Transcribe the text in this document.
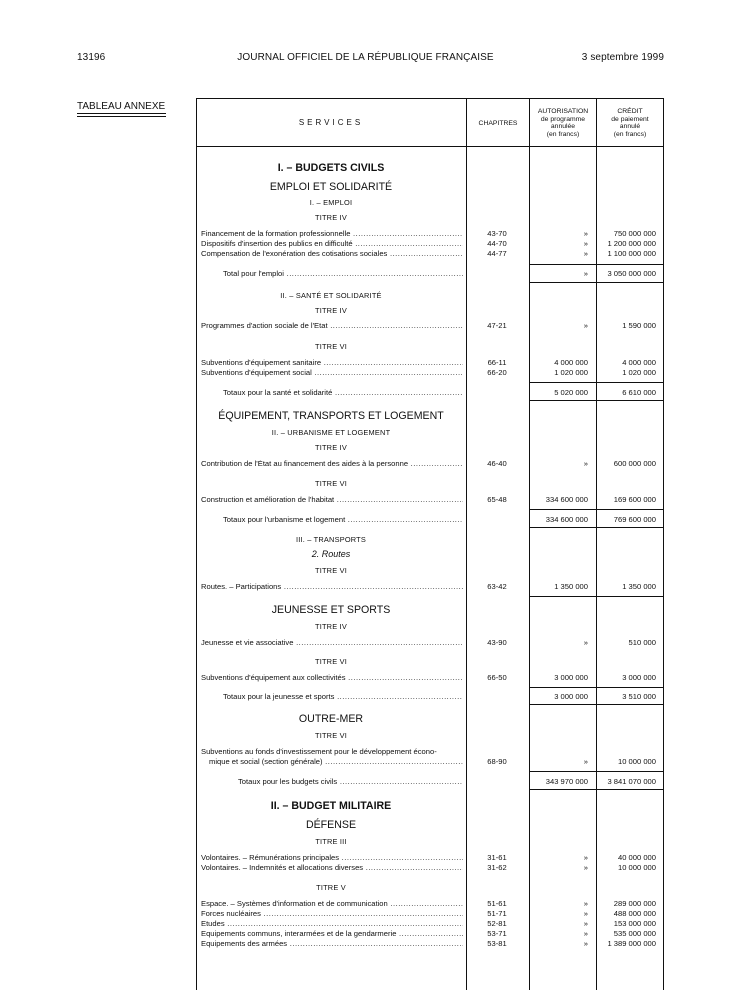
13196	JOURNAL OFFICIEL DE LA RÉPUBLIQUE FRANÇAISE	3 septembre 1999
TABLEAU ANNEXE
SERVICES	CHAPITRES
AUTORISATION
de programme
annulée
(en francs)
CRÉDIT
de paiement
annulé
(en francs)
I. – BUDGETS CIVILS
EMPLOI ET SOLIDARITÉ
I. – EMPLOI
TITRE IV
Financement de la formation professionnelle .....	43-70	»	750 000 000
Dispositifs d'insertion des publics en difficulté .....	44-70	»	1 200 000 000
Compensation de l'exonération des cotisations sociales .....	44-77	»	1 100 000 000
Total pour l'emploi .....	»	3 050 000 000
II. – SANTÉ ET SOLIDARITÉ
TITRE IV
Programmes d'action sociale de l'Etat .....	47-21	»	1 590 000
TITRE VI
Subventions d'équipement sanitaire .....	66-11	4 000 000	4 000 000
Subventions d'équipement social .....	66-20	1 020 000	1 020 000
Totaux pour la santé et solidarité .....	5 020 000	6 610 000
ÉQUIPEMENT, TRANSPORTS ET LOGEMENT
II. – URBANISME ET LOGEMENT
TITRE IV
Contribution de l'État au financement des aides à la personne .....	46-40	»	600 000 000
TITRE VI
Construction et amélioration de l'habitat .....	65-48	334 600 000	169 600 000
Totaux pour l'urbanisme et logement .....	334 600 000	769 600 000
III. – TRANSPORTS
2. Routes
TITRE VI
Routes. – Participations .....	63-42	1 350 000	1 350 000
JEUNESSE ET SPORTS
TITRE IV
Jeunesse et vie associative .....	43-90	»	510 000
TITRE VI
Subventions d'équipement aux collectivités .....	66-50	3 000 000	3 000 000
Totaux pour la jeunesse et sports .....	3 000 000	3 510 000
OUTRE-MER
TITRE VI
Subventions au fonds d'investissement pour le développement écono-
mique et social (section générale) .....	68-90	»	10 000 000
Totaux pour les budgets civils .....	343 970 000	3 841 070 000
II. – BUDGET MILITAIRE
DÉFENSE
TITRE III
Volontaires. – Rémunérations principales .....	31-61	»	40 000 000
Volontaires. – Indemnités et allocations diverses .....	31-62	»	10 000 000
TITRE V
Espace. – Systèmes d'information et de communication .....	51-61	»	289 000 000
Forces nucléaires .....	51-71	»	488 000 000
Etudes .....	52-81	»	153 000 000
Equipements communs, interarmées et de la gendarmerie .....	53-71	»	535 000 000
Equipements des armées .....	53-81	»	1 389 000 000
